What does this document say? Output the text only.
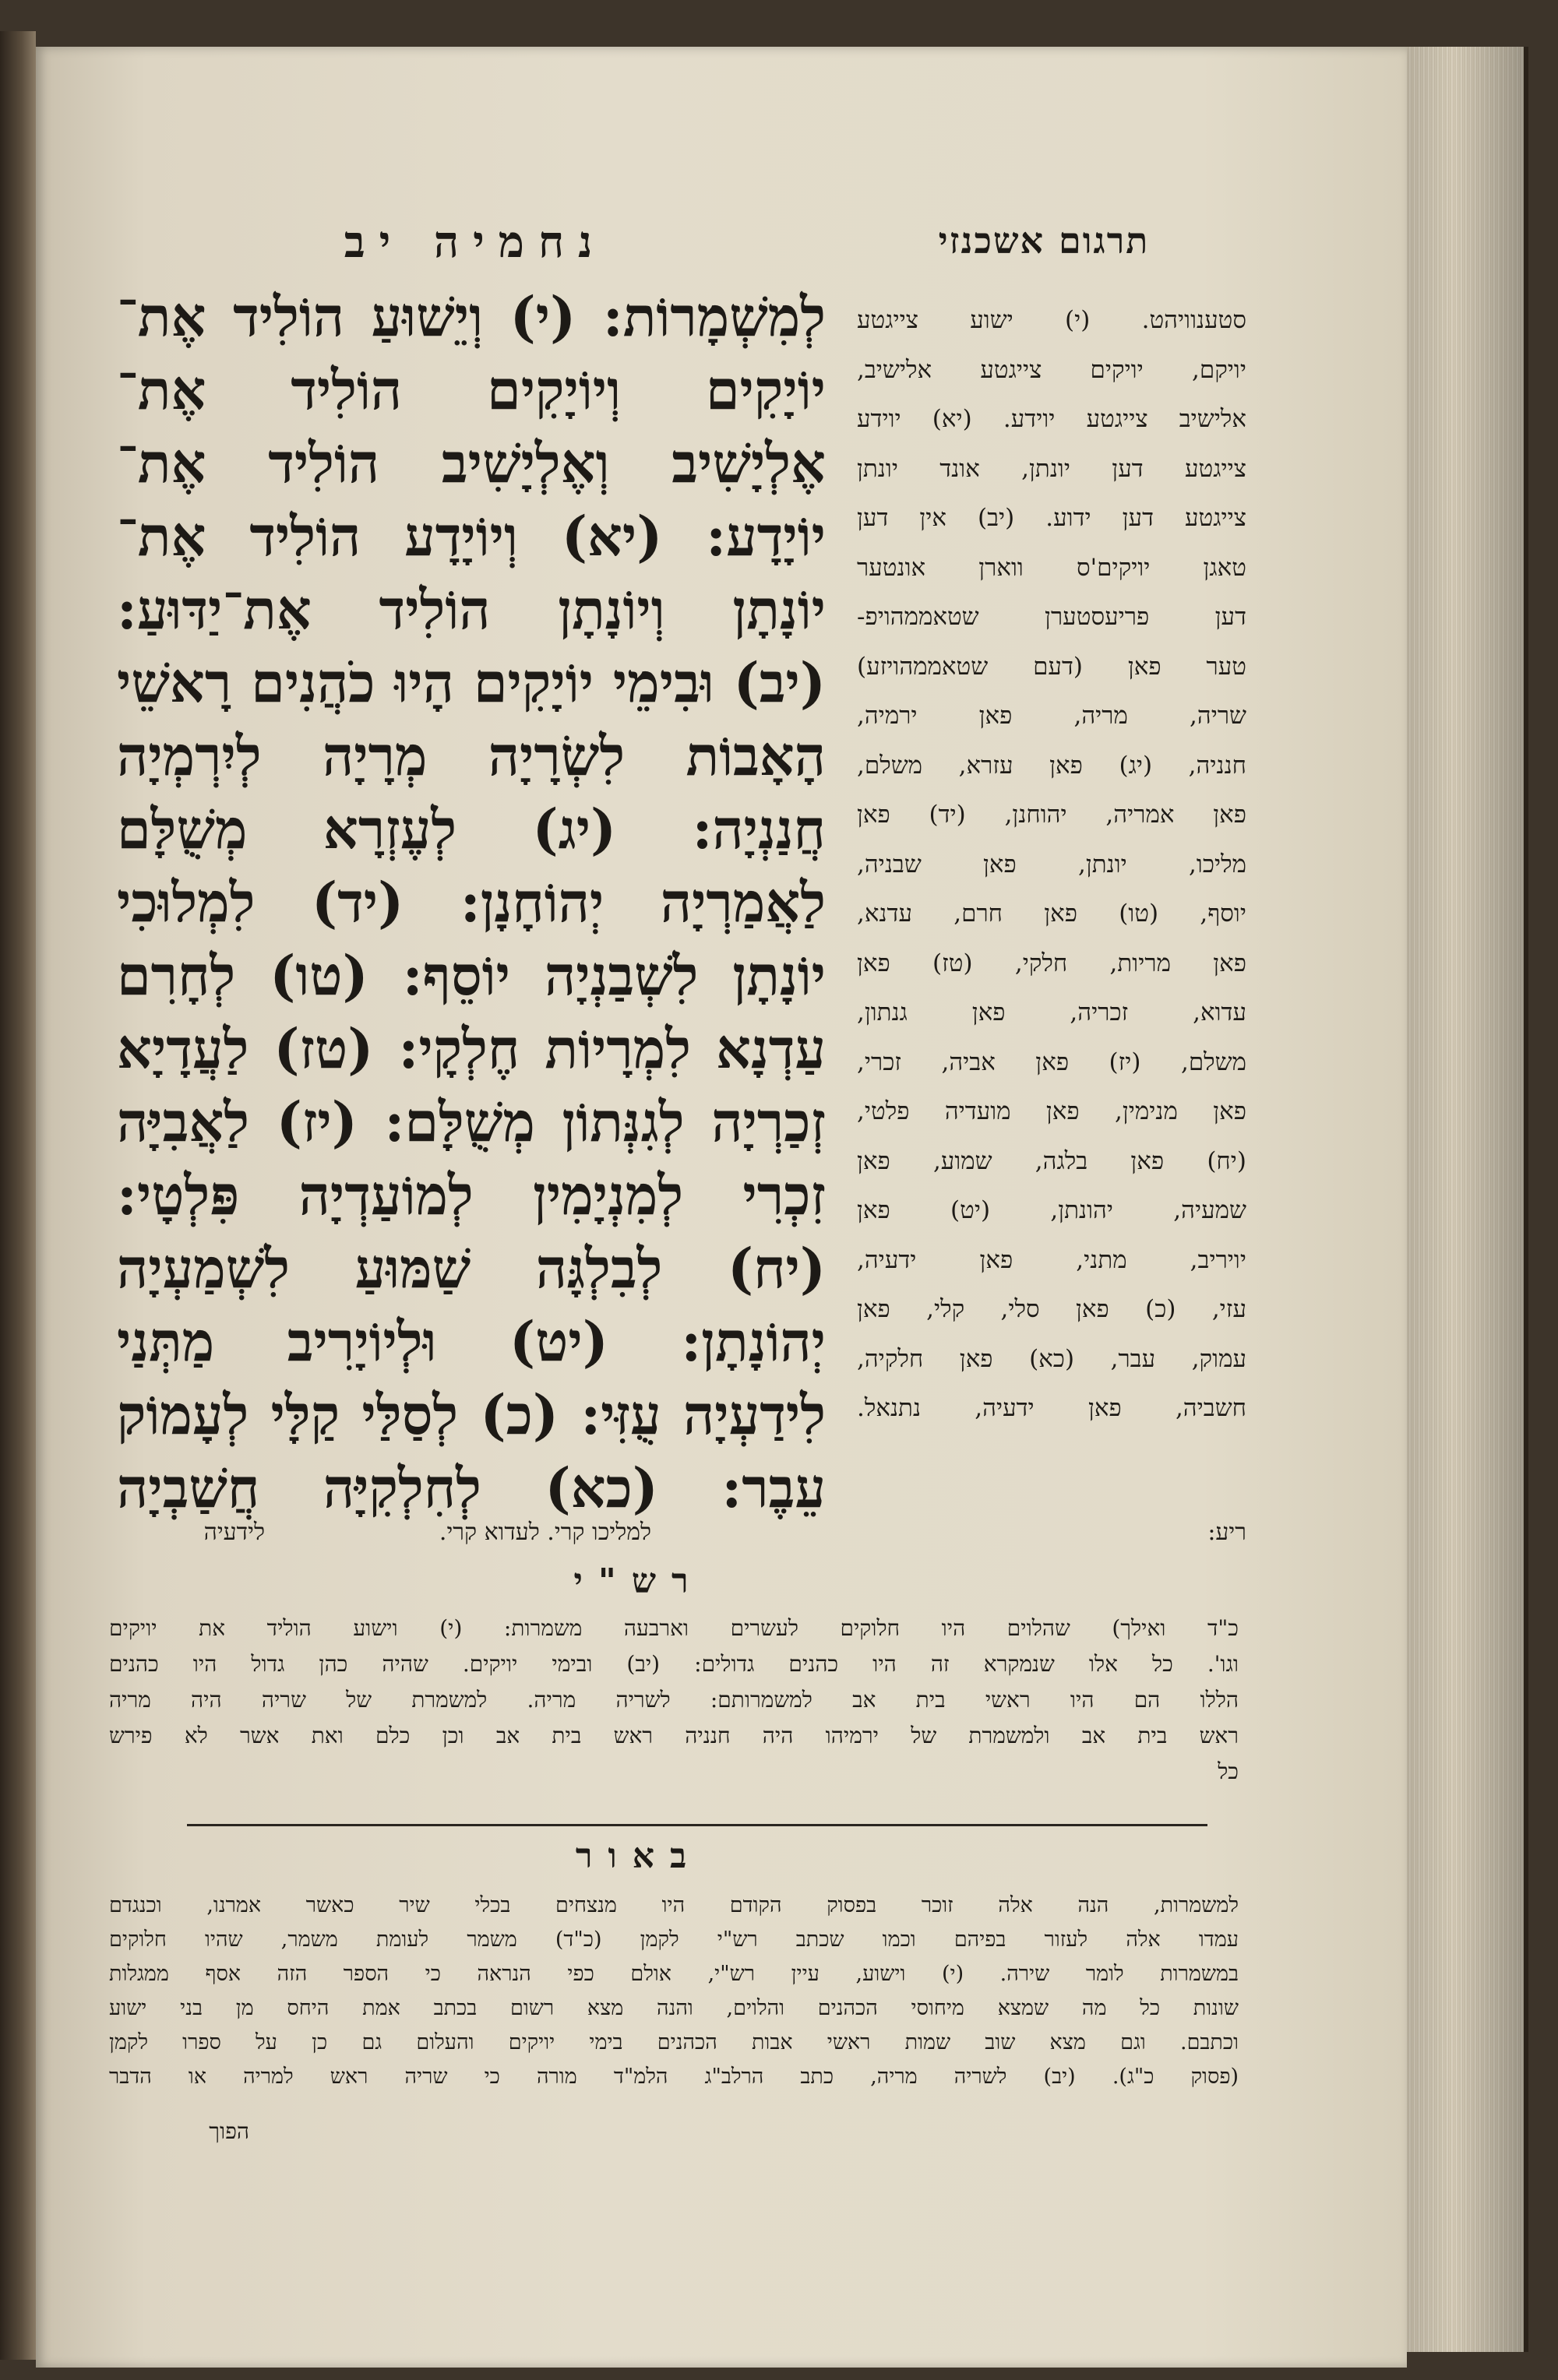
נחמיה יב	תרגום אשכנזי
לְמִשְׁמָרוֹת: (י) וְיֵשׁוּעַ הוֹלִיד אֶת־
יוֹיָקִים וְיוֹיָקִים הוֹלִיד אֶת־
אֶלְיָשִׁיב וְאֶלְיָשִׁיב הוֹלִיד אֶת־
יוֹיָדָע: (יא) וְיוֹיָדָע הוֹלִיד אֶת־
יוֹנָתָן וְיוֹנָתָן הוֹלִיד אֶת־יַדּוּעַ:
(יב) וּבִימֵי יוֹיָקִים הָיוּ כֹהֲנִים רָאשֵׁי
הָאָבוֹת לִשְׂרָיָה מְרָיָה לְיִרְמְיָה
חֲנַנְיָה: (יג) לְעֶזְרָא מְשֻׁלָּם
לַאֲמַרְיָה יְהוֹחָנָן: (יד) לִמְלוּכִי
יוֹנָתָן לִשְׁבַנְיָה יוֹסֵף: (טו) לְחָרִם
עַדְנָא לִמְרָיוֹת חֶלְקָי: (טז) לַעֲדָיָא
זְכַרְיָה לְגִנְּתוֹן מְשֻׁלָּם: (יז) לַאֲבִיָּה
זִכְרִי לְמִנְיָמִין לְמוֹעַדְיָה פִּלְטָי:
(יח) לְבִלְגָּה שַׁמּוּעַ לִשְׁמַעְיָה
יְהוֹנָתָן: (יט) וּלְיוֹיָרִיב מַתְּנַי
לִידַעְיָה עֻזִּי: (כ) לְסַלַּי קַלָּי לְעָמוֹק
עֵבֶר: (כא) לְחִלְקִיָּה חֲשַׁבְיָה
סטענוויהט. (י) ישוע צייגטע
יויקם, יויקים צייגטע אלישיב,
אלישיב צייגטע יוידע. (יא) יוידע
צייגטע דען יונתן, אונד יונתן
צייגטע דען ידוע. (יב) אין דען
טאגן יויקים'ס ווארן אונטער
דען פריעסטערן שטאממהויפ-
טער פאן (דעם שטאממהויזע)
שריה, מריה, פאן ירמיה,
חנניה, (יג) פאן עזרא, משלם,
פאן אמריה, יהוחנן, (יד) פאן
מליכו, יונתן, פאן שבניה,
יוסף, (טו) פאן חרם, עדנא,
פאן מריות, חלקי, (טז) פאן
עדוא, זכריה, פאן גנתון,
משלם, (יז) פאן אביה, זכרי,
פאן מנימין, פאן מועדיה פלטי,
(יח) פאן בלגה, שמוע, פאן
שמעיה, יהונתן, (יט) פאן
יויריב, מתני, פאן ידעיה,
עזי, (כ) פאן סלי, קלי, פאן
עמוק, עבר, (כא) פאן חלקיה,
חשביה, פאן ידעיה, נתנאל.
לידעיה	למליכו קרי. לעדוא קרי.	ריע:
רש"י
כ"ד ואילך) שהלוים היו חלוקים לעשרים וארבעה משמרות: (י) וישוע הוליד את יויקים
וגו'. כל אלו שנמקרא זה היו כהנים גדולים: (יב) ובימי יויקים. שהיה כהן גדול היו כהנים
הללו הם היו ראשי בית אב למשמרותם: לשריה מריה. למשמרת של שריה היה מריה
ראש בית אב ולמשמרת של ירמיהו היה חנניה ראש בית אב וכן כלם ואת אשר לא פירש
כל
באור
למשמרות, הנה אלה זוכר בפסוק הקודם היו מנצחים בכלי שיר כאשר אמרנו, וכנגדם
עמדו אלה לעזור בפיהם וכמו שכתב רש"י לקמן (כ"ד) משמר לעומת משמר, שהיו חלוקים
במשמרות לומר שירה. (י) וישוע, עיין רש"י, אולם כפי הנראה כי הספר הזה אסף ממגלות
שונות כל מה שמצא מיחוסי הכהנים והלוים, והנה מצא רשום בכתב אמת היחס מן בני ישוע
וכתבם. וגם מצא שוב שמות ראשי אבות הכהנים בימי יויקים והעלום גם כן על ספרו לקמן
(פסוק כ"ג). (יב) לשריה מריה, כתב הרלב"ג הלמ"ד מורה כי שריה ראש למריה או הדבר
הפוך
